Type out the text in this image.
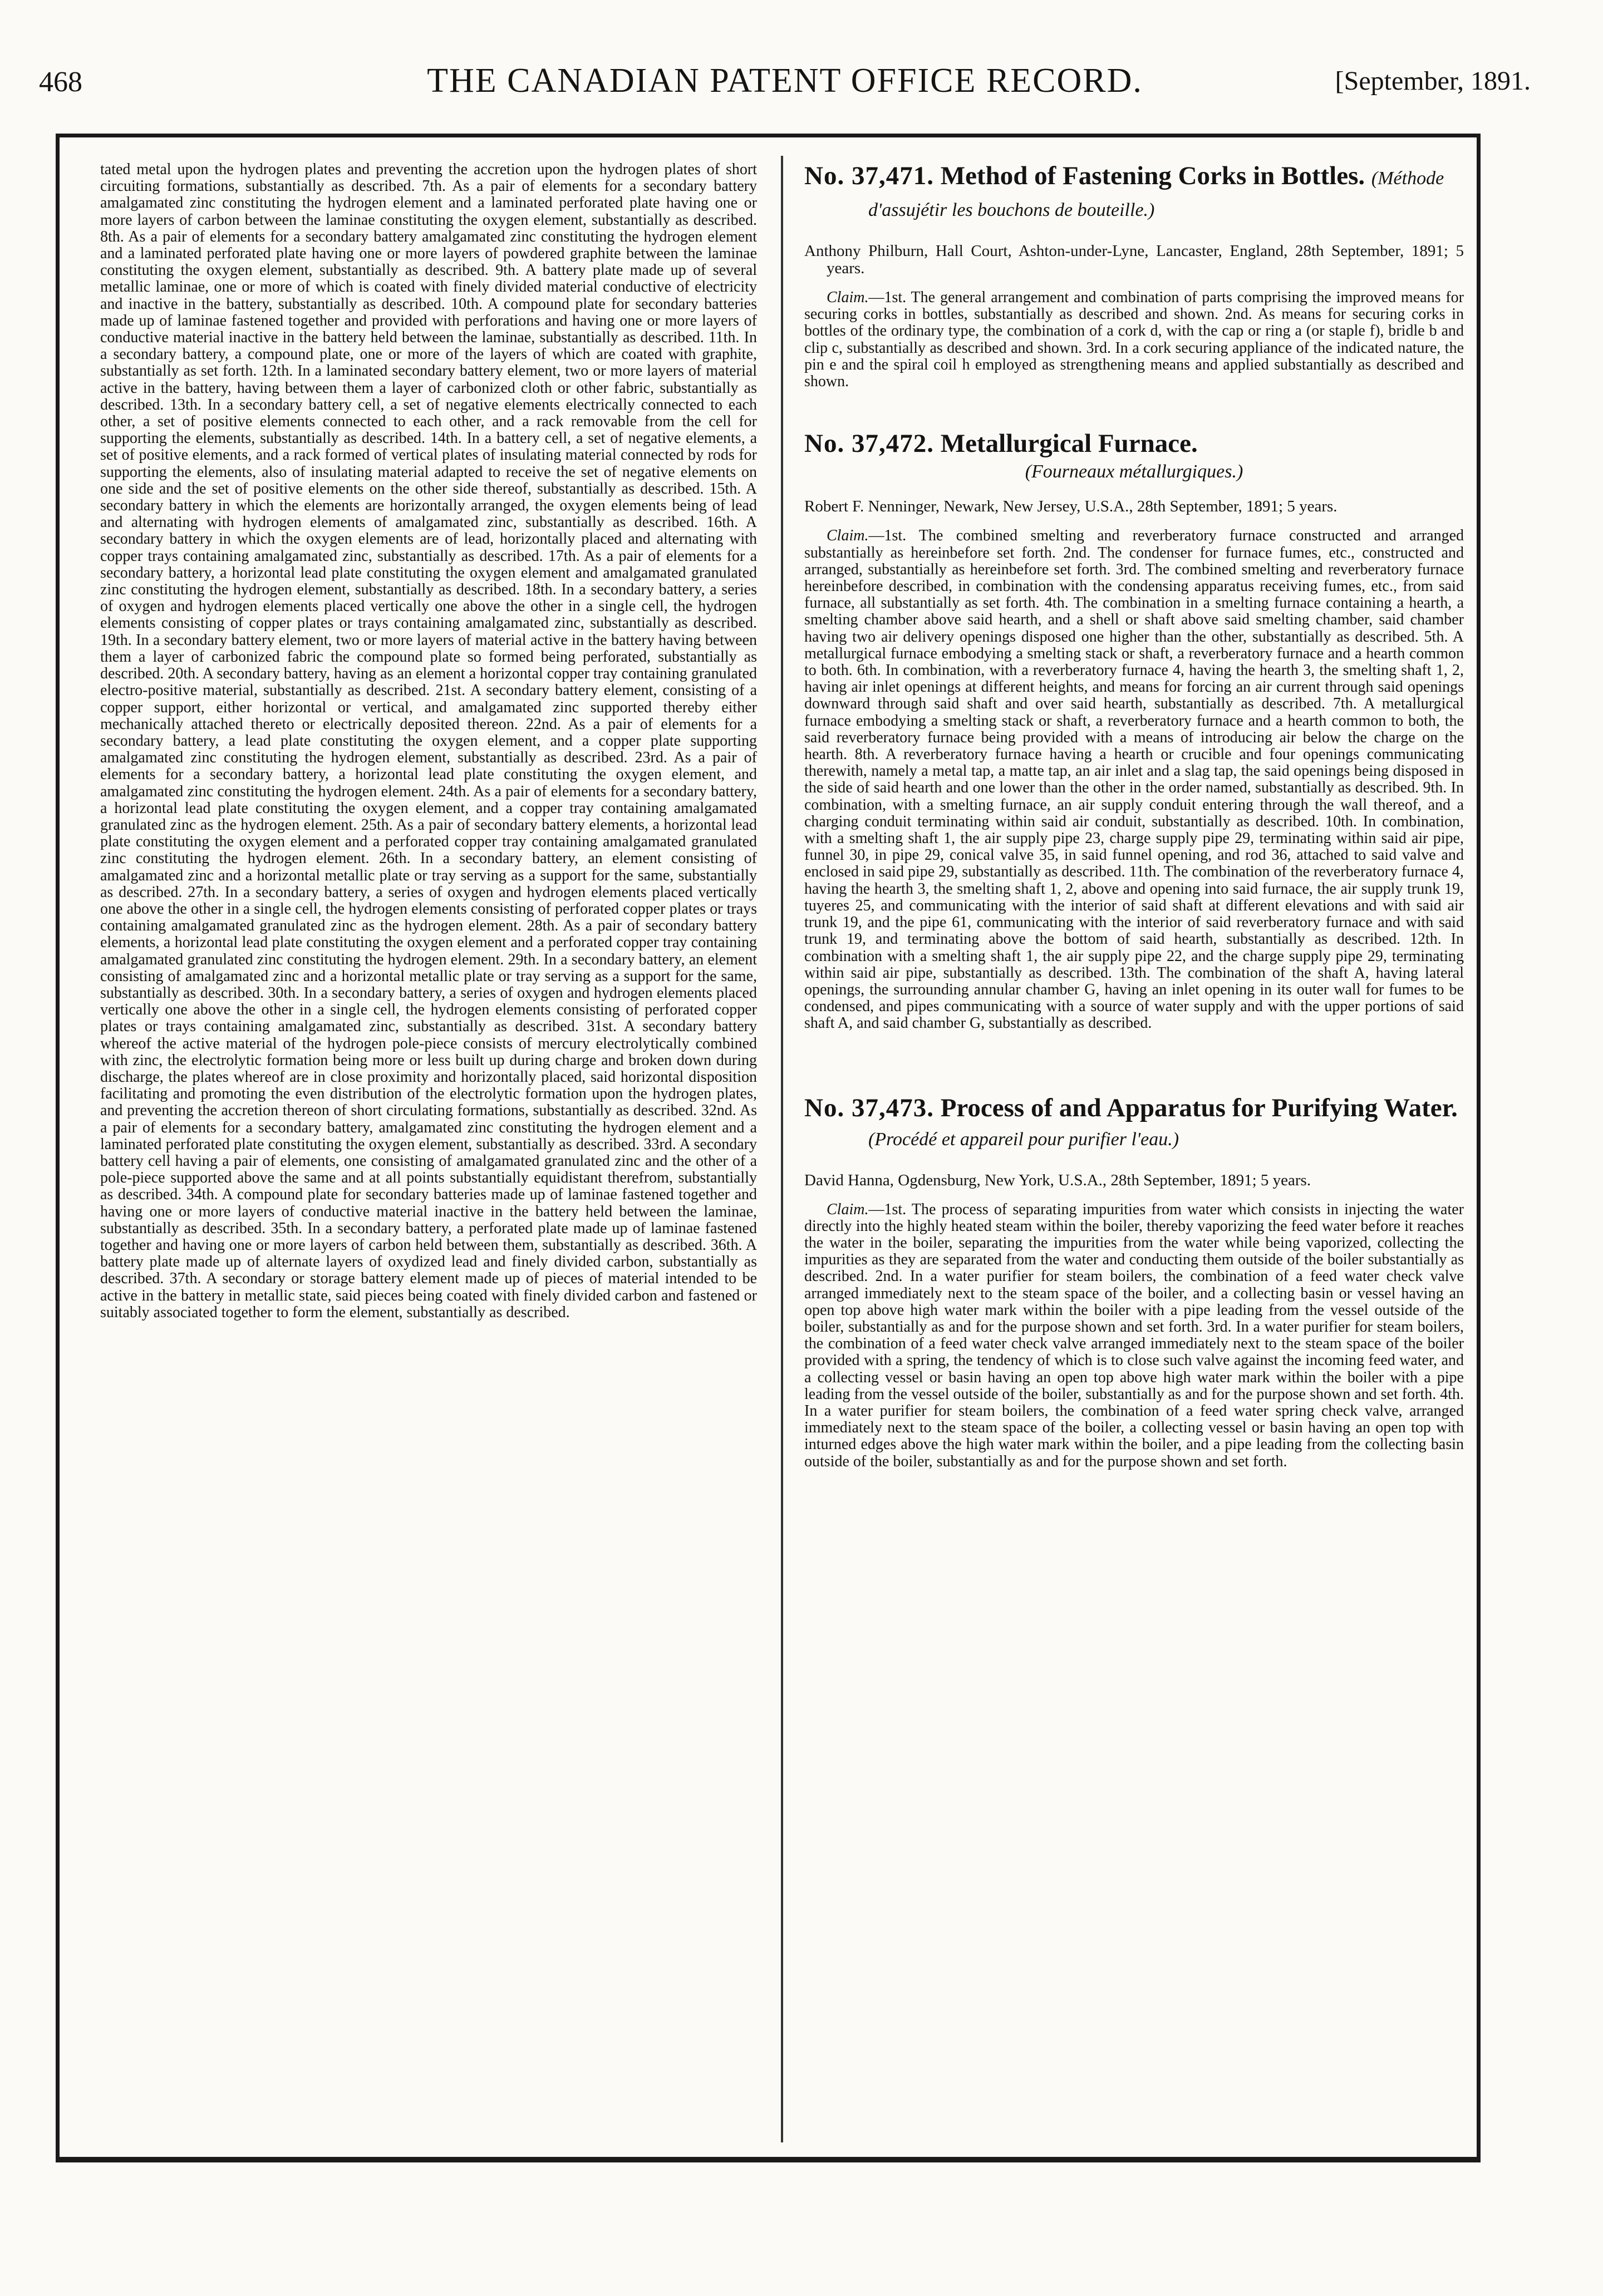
468	THE CANADIAN PATENT OFFICE RECORD.	[September, 1891.

tated metal upon the hydrogen plates and preventing the accretion upon the hydrogen plates of short circuiting formations, substantially as described. 7th. As a pair of elements for a secondary battery amalgamated zinc constituting the hydrogen element and a laminated perforated plate having one or more layers of carbon between the laminae constituting the oxygen element, substantially as described. 8th. As a pair of elements for a secondary battery amalgamated zinc constituting the hydrogen element and a laminated perforated plate having one or more layers of powdered graphite between the laminae constituting the oxygen element, substantially as described. 9th. A battery plate made up of several metallic laminae, one or more of which is coated with finely divided material conductive of electricity and inactive in the battery, substantially as described. 10th. A compound plate for secondary batteries made up of laminae fastened together and provided with perforations and having one or more layers of conductive material inactive in the battery held between the laminae, substantially as described. 11th. In a secondary battery, a compound plate, one or more of the layers of which are coated with graphite, substantially as set forth. 12th. In a laminated secondary battery element, two or more layers of material active in the battery, having between them a layer of carbonized cloth or other fabric, substantially as described. 13th. In a secondary battery cell, a set of negative elements electrically connected to each other, a set of positive elements connected to each other, and a rack removable from the cell for supporting the elements, substantially as described. 14th. In a battery cell, a set of negative elements, a set of positive elements, and a rack formed of vertical plates of insulating material connected by rods for supporting the elements, also of insulating material adapted to receive the set of negative elements on one side and the set of positive elements on the other side thereof, substantially as described. 15th. A secondary battery in which the elements are horizontally arranged, the oxygen elements being of lead and alternating with hydrogen elements of amalgamated zinc, substantially as described. 16th. A secondary battery in which the oxygen elements are of lead, horizontally placed and alternating with copper trays containing amalgamated zinc, substantially as described. 17th. As a pair of elements for a secondary battery, a horizontal lead plate constituting the oxygen element and amalgamated granulated zinc constituting the hydrogen element, substantially as described. 18th. In a secondary battery, a series of oxygen and hydrogen elements placed vertically one above the other in a single cell, the hydrogen elements consisting of copper plates or trays containing amalgamated zinc, substantially as described. 19th. In a secondary battery element, two or more layers of material active in the battery having between them a layer of carbonized fabric the compound plate so formed being perforated, substantially as described. 20th. A secondary battery, having as an element a horizontal copper tray containing granulated electro-positive material, substantially as described. 21st. A secondary battery element, consisting of a copper support, either horizontal or vertical, and amalgamated zinc supported thereby either mechanically attached thereto or electrically deposited thereon. 22nd. As a pair of elements for a secondary battery, a lead plate constituting the oxygen element, and a copper plate supporting amalgamated zinc constituting the hydrogen element, substantially as described. 23rd. As a pair of elements for a secondary battery, a horizontal lead plate constituting the oxygen element, and amalgamated zinc constituting the hydrogen element. 24th. As a pair of elements for a secondary battery, a horizontal lead plate constituting the oxygen element, and a copper tray containing amalgamated granulated zinc as the hydrogen element. 25th. As a pair of secondary battery elements, a horizontal lead plate constituting the oxygen element and a perforated copper tray containing amalgamated granulated zinc constituting the hydrogen element. 26th. In a secondary battery, an element consisting of amalgamated zinc and a horizontal metallic plate or tray serving as a support for the same, substantially as described. 27th. In a secondary battery, a series of oxygen and hydrogen elements placed vertically one above the other in a single cell, the hydrogen elements consisting of perforated copper plates or trays containing amalgamated granulated zinc as the hydrogen element. 28th. As a pair of secondary battery elements, a horizontal lead plate constituting the oxygen element and a perforated copper tray containing amalgamated granulated zinc constituting the hydrogen element. 29th. In a secondary battery, an element consisting of amalgamated zinc and a horizontal metallic plate or tray serving as a support for the same, substantially as described. 30th. In a secondary battery, a series of oxygen and hydrogen elements placed vertically one above the other in a single cell, the hydrogen elements consisting of perforated copper plates or trays containing amalgamated zinc, substantially as described. 31st. A secondary battery whereof the active material of the hydrogen pole-piece consists of mercury electrolytically combined with zinc, the electrolytic formation being more or less built up during charge and broken down during discharge, the plates whereof are in close proximity and horizontally placed, said horizontal disposition facilitating and promoting the even distribution of the electrolytic formation upon the hydrogen plates, and preventing the accretion thereon of short circulating formations, substantially as described. 32nd. As a pair of elements for a secondary battery, amalgamated zinc constituting the hydrogen element and a laminated perforated plate constituting the oxygen element, substantially as described. 33rd. A secondary battery cell having a pair of elements, one consisting of amalgamated granulated zinc and the other of a pole-piece supported above the same and at all points substantially equidistant therefrom, substantially as described. 34th. A compound plate for secondary batteries made up of laminae fastened together and having one or more layers of conductive material inactive in the battery held between the laminae, substantially as described. 35th. In a secondary battery, a perforated plate made up of laminae fastened together and having one or more layers of carbon held between them, substantially as described. 36th. A battery plate made up of alternate layers of oxydized lead and finely divided carbon, substantially as described. 37th. A secondary or storage battery element made up of pieces of material intended to be active in the battery in metallic state, said pieces being coated with finely divided carbon and fastened or suitably associated together to form the element, substantially as described.

No. 37,471. Method of Fastening Corks in Bottles. (Méthode d'assujétir les bouchons de bouteille.)

Anthony Philburn, Hall Court, Ashton-under-Lyne, Lancaster, England, 28th September, 1891; 5 years.

Claim.—1st. The general arrangement and combination of parts comprising the improved means for securing corks in bottles, substantially as described and shown. 2nd. As means for securing corks in bottles of the ordinary type, the combination of a cork d, with the cap or ring a (or staple f), bridle b and clip c, substantially as described and shown. 3rd. In a cork securing appliance of the indicated nature, the pin e and the spiral coil h employed as strengthening means and applied substantially as described and shown.

No. 37,472. Metallurgical Furnace.
(Fourneaux métallurgiques.)

Robert F. Nenninger, Newark, New Jersey, U.S.A., 28th September, 1891; 5 years.

Claim.—1st. The combined smelting and reverberatory furnace constructed and arranged substantially as hereinbefore set forth. 2nd. The condenser for furnace fumes, etc., constructed and arranged, substantially as hereinbefore set forth. 3rd. The combined smelting and reverberatory furnace hereinbefore described, in combination with the condensing apparatus receiving fumes, etc., from said furnace, all substantially as set forth. 4th. The combination in a smelting furnace containing a hearth, a smelting chamber above said hearth, and a shell or shaft above said smelting chamber, said chamber having two air delivery openings disposed one higher than the other, substantially as described. 5th. A metallurgical furnace embodying a smelting stack or shaft, a reverberatory furnace and a hearth common to both. 6th. In combination, with a reverberatory furnace 4, having the hearth 3, the smelting shaft 1, 2, having air inlet openings at different heights, and means for forcing an air current through said openings downward through said shaft and over said hearth, substantially as described. 7th. A metallurgical furnace embodying a smelting stack or shaft, a reverberatory furnace and a hearth common to both, the said reverberatory furnace being provided with a means of introducing air below the charge on the hearth. 8th. A reverberatory furnace having a hearth or crucible and four openings communicating therewith, namely a metal tap, a matte tap, an air inlet and a slag tap, the said openings being disposed in the side of said hearth and one lower than the other in the order named, substantially as described. 9th. In combination, with a smelting furnace, an air supply conduit entering through the wall thereof, and a charging conduit terminating within said air conduit, substantially as described. 10th. In combination, with a smelting shaft 1, the air supply pipe 23, charge supply pipe 29, terminating within said air pipe, funnel 30, in pipe 29, conical valve 35, in said funnel opening, and rod 36, attached to said valve and enclosed in said pipe 29, substantially as described. 11th. The combination of the reverberatory furnace 4, having the hearth 3, the smelting shaft 1, 2, above and opening into said furnace, the air supply trunk 19, tuyeres 25, and communicating with the interior of said shaft at different elevations and with said air trunk 19, and the pipe 61, communicating with the interior of said reverberatory furnace and with said trunk 19, and terminating above the bottom of said hearth, substantially as described. 12th. In combination with a smelting shaft 1, the air supply pipe 22, and the charge supply pipe 29, terminating within said air pipe, substantially as described. 13th. The combination of the shaft A, having lateral openings, the surrounding annular chamber G, having an inlet opening in its outer wall for fumes to be condensed, and pipes communicating with a source of water supply and with the upper portions of said shaft A, and said chamber G, substantially as described.

No. 37,473. Process of and Apparatus for Purifying Water. (Procédé et appareil pour purifier l'eau.)

David Hanna, Ogdensburg, New York, U.S.A., 28th September, 1891; 5 years.

Claim.—1st. The process of separating impurities from water which consists in injecting the water directly into the highly heated steam within the boiler, thereby vaporizing the feed water before it reaches the water in the boiler, separating the impurities from the water while being vaporized, collecting the impurities as they are separated from the water and conducting them outside of the boiler substantially as described. 2nd. In a water purifier for steam boilers, the combination of a feed water check valve arranged immediately next to the steam space of the boiler, and a collecting basin or vessel having an open top above high water mark within the boiler with a pipe leading from the vessel outside of the boiler, substantially as and for the purpose shown and set forth. 3rd. In a water purifier for steam boilers, the combination of a feed water check valve arranged immediately next to the steam space of the boiler provided with a spring, the tendency of which is to close such valve against the incoming feed water, and a collecting vessel or basin having an open top above high water mark within the boiler with a pipe leading from the vessel outside of the boiler, substantially as and for the purpose shown and set forth. 4th. In a water purifier for steam boilers, the combination of a feed water spring check valve, arranged immediately next to the steam space of the boiler, a collecting vessel or basin having an open top with inturned edges above the high water mark within the boiler, and a pipe leading from the collecting basin outside of the boiler, substantially as and for the purpose shown and set forth.
